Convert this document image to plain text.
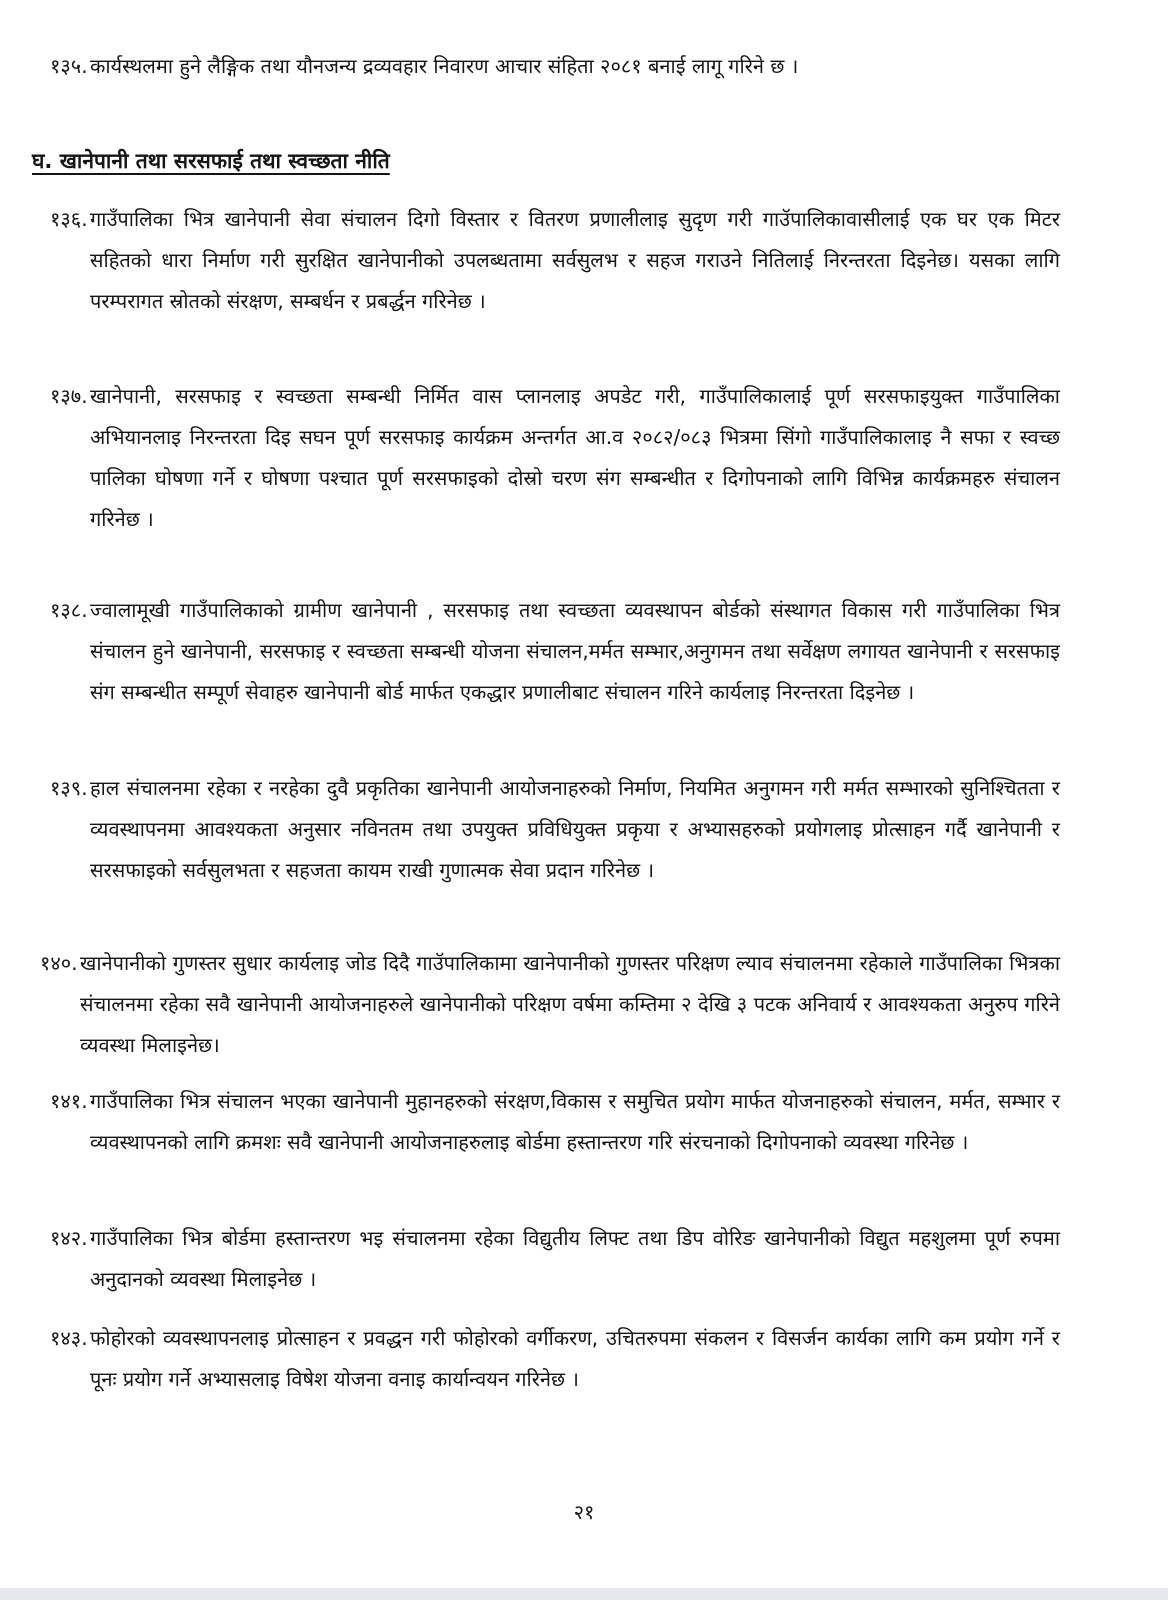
१३५. कार्यस्थलमा हुने लैङ्गिक तथा यौनजन्य द्रव्यवहार निवारण आचार संहिता २०८१ बनाई लागू गरिने छ ।
घ. खानेपानी तथा सरसफाई तथा स्वच्छता नीति
१३६. गाउँपालिका भित्र खानेपानी सेवा संचालन दिगो विस्तार र वितरण प्रणालीलाइ सुदृण गरी गाउॅपालिकावासीलाई एक घर एक मिटर सहितको धारा निर्माण गरी सुरक्षित खानेपानीको उपलब्धतामा सर्वसुलभ र सहज गराउने नितिलाई निरन्तरता दिइनेछ। यसका लागि परम्परागत स्रोतको संरक्षण, सम्बर्धन र प्रबर्द्धन गरिनेछ ।
१३७. खानेपानी, सरसफाइ र स्वच्छता सम्बन्धी निर्मित वास प्लानलाइ अपडेट गरी, गाउँपालिकालाई पूर्ण सरसफाइयुक्त गाउँपालिका अभियानलाइ निरन्तरता दिइ सघन पूर्ण सरसफाइ कार्यक्रम अन्तर्गत आ.व २०८२/०८३ भित्रमा सिंगो गाउँपालिकालाइ नै सफा र स्वच्छ पालिका घोषणा गर्ने र घोषणा पश्चात पूर्ण सरसफाइको दोस्रो चरण संग सम्बन्धीत र दिगोपनाको लागि विभिन्न कार्यक्रमहरु संचालन गरिनेछ ।
१३८. ज्वालामूखी गाउँपालिकाको ग्रामीण खानेपानी , सरसफाइ तथा स्वच्छता व्यवस्थापन बोर्डको संस्थागत विकास गरी गाउँपालिका भित्र संचालन हुने खानेपानी, सरसफाइ र स्वच्छता सम्बन्धी योजना संचालन,मर्मत सम्भार,अनुगमन तथा सर्वेक्षण लगायत खानेपानी र सरसफाइ संग सम्बन्धीत सम्पूर्ण सेवाहरु खानेपानी बोर्ड मार्फत एकद्धार प्रणालीबाट संचालन गरिने कार्यलाइ निरन्तरता दिइनेछ ।
१३९. हाल संचालनमा रहेका र नरहेका दुवै प्रकृतिका खानेपानी आयोजनाहरुको निर्माण, नियमित अनुगमन गरी मर्मत सम्भारको सुनिश्चितता र व्यवस्थापनमा आवश्यकता अनुसार नविनतम तथा उपयुक्त प्रविधियुक्त प्रकृया र अभ्यासहरुको प्रयोगलाइ प्रोत्साहन गर्दै खानेपानी र सरसफाइको सर्वसुलभता र सहजता कायम राखी गुणात्मक सेवा प्रदान गरिनेछ ।
१४०. खानेपानीको गुणस्तर सुधार कार्यलाइ जोड दिदै गाउॅपालिकामा खानेपानीको गुणस्तर परिक्षण ल्याव संचालनमा रहेकाले गाउँपालिका भित्रका संचालनमा रहेका सवै खानेपानी आयोजनाहरुले खानेपानीको परिक्षण वर्षमा कम्तिमा २ देखि ३ पटक अनिवार्य र आवश्यकता अनुरुप गरिने व्यवस्था मिलाइनेछ।
१४१. गाउँपालिका भित्र संचालन भएका खानेपानी मुहानहरुको संरक्षण,विकास र समुचित प्रयोग मार्फत योजनाहरुको संचालन, मर्मत, सम्भार र व्यवस्थापनको लागि क्रमशः सवै खानेपानी आयोजनाहरुलाइ बोर्डमा हस्तान्तरण गरि संरचनाको दिगोपनाको व्यवस्था गरिनेछ ।
१४२. गाउँपालिका भित्र बोर्डमा हस्तान्तरण भइ संचालनमा रहेका विद्युतीय लिफ्ट तथा डिप वोरिङ खानेपानीको विद्युत महशुलमा पूर्ण रुपमा अनुदानको व्यवस्था मिलाइनेछ ।
१४३. फोहोरको व्यवस्थापनलाइ प्रोत्साहन र प्रवद्धन गरी फोहोरको वर्गीकरण, उचितरुपमा संकलन र विसर्जन कार्यका लागि कम प्रयोग गर्ने र पूनः प्रयोग गर्ने अभ्यासलाइ विषेश योजना वनाइ कार्यान्वयन गरिनेछ ।
२१
